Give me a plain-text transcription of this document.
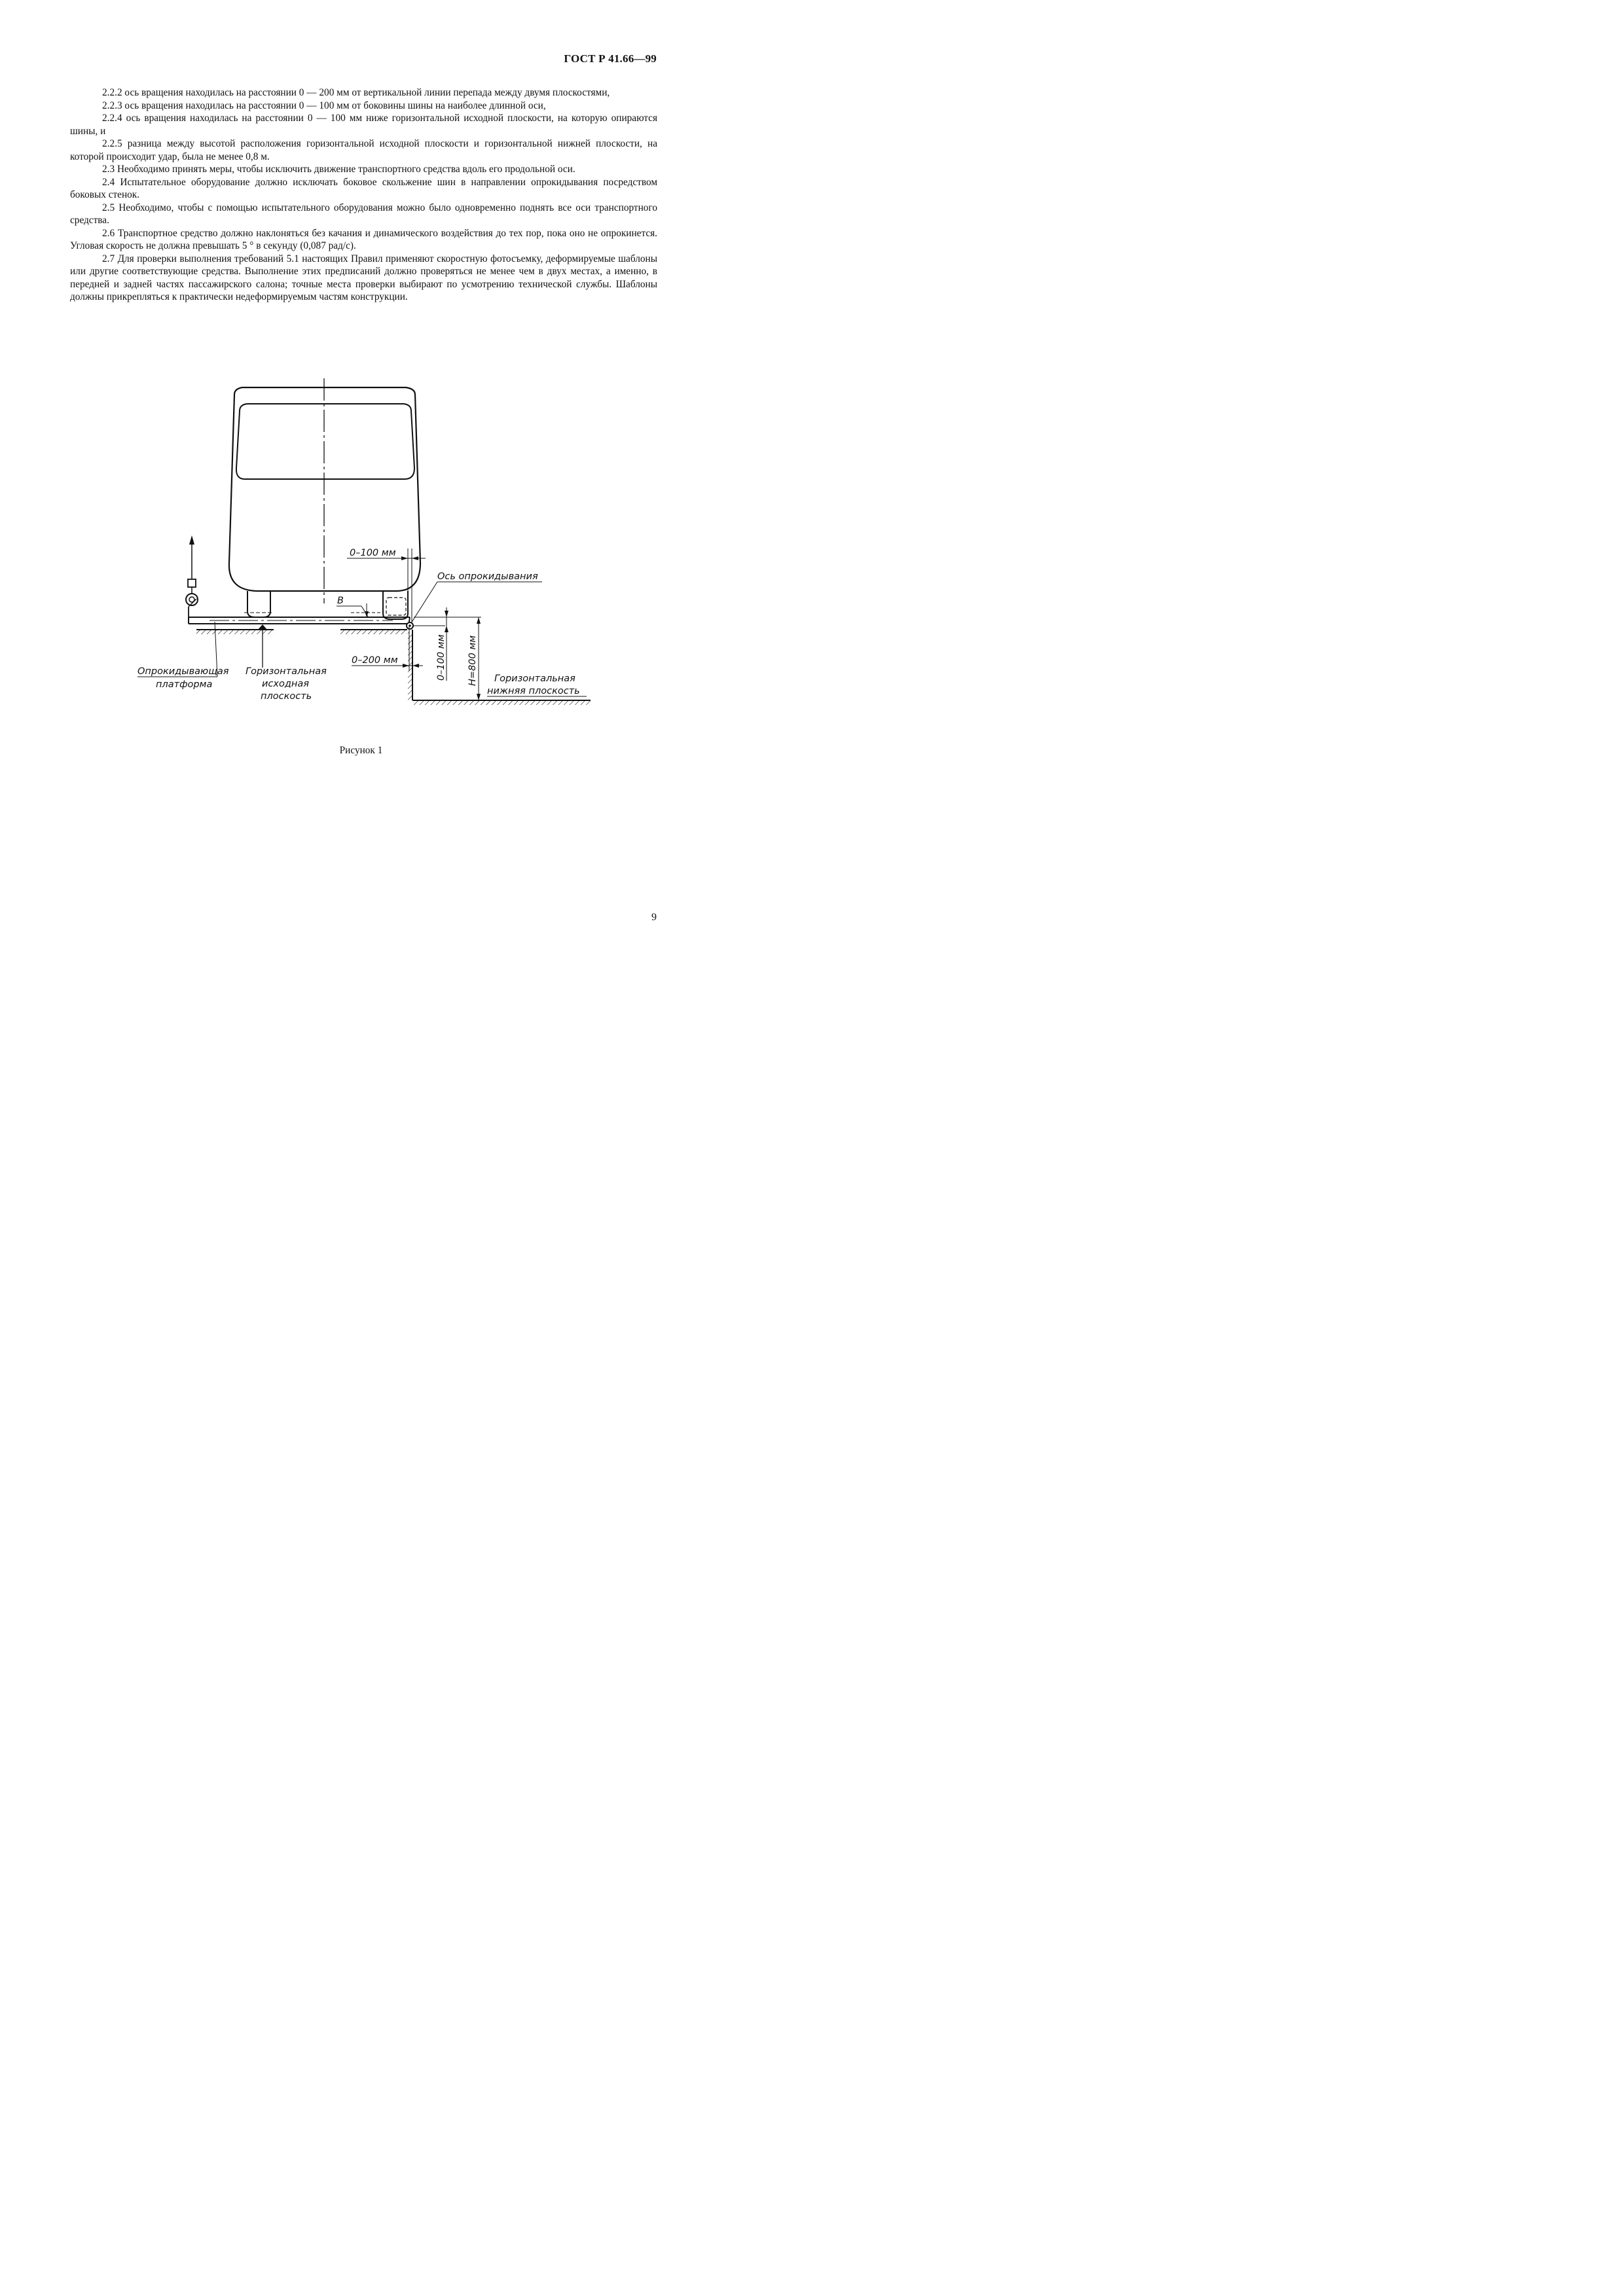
ГОСТ Р 41.66—99

2.2.2 ось вращения находилась на расстоянии 0 — 200 мм от вертикальной линии перепада между двумя плоскостями,

2.2.3 ось вращения находилась на расстоянии 0 — 100 мм от боковины шины на наиболее длинной оси,

2.2.4 ось вращения находилась на расстоянии 0 — 100 мм ниже горизонтальной исходной плоскости, на которую опираются шины, и

2.2.5 разница между высотой расположения горизонтальной исходной плоскости и горизонтальной нижней плоскости, на которой происходит удар, была не менее 0,8 м.

2.3 Необходимо принять меры, чтобы исключить движение транспортного средства вдоль его продольной оси.

2.4 Испытательное оборудование должно исключать боковое скольжение шин в направлении опрокидывания посредством боковых стенок.

2.5 Необходимо, чтобы с помощью испытательного оборудования можно было одновременно поднять все оси транспортного средства.

2.6 Транспортное средство должно наклоняться без качания и динамического воздействия до тех пор, пока оно не опрокинется. Угловая скорость не должна превышать 5 ° в секунду (0,087 рад/с).

2.7 Для проверки выполнения требований 5.1 настоящих Правил применяют скоростную фотосъемку, деформируемые шаблоны или другие соответствующие средства. Выполнение этих предписаний должно проверяться не менее чем в двух местах, а именно, в передней и задней частях пассажирского салона; точные места проверки выбирают по усмотрению технической службы. Шаблоны должны прикрепляться к практически недеформируемым частям конструкции.

0–100 мм
Ось опрокидывания
B
0–200 мм	0–100 мм H=800 мм
Опрокидывающая
платформа
Горизонтальная
исходная
плоскость
Горизонтальная
нижняя плоскость
Рисунок 1
9
